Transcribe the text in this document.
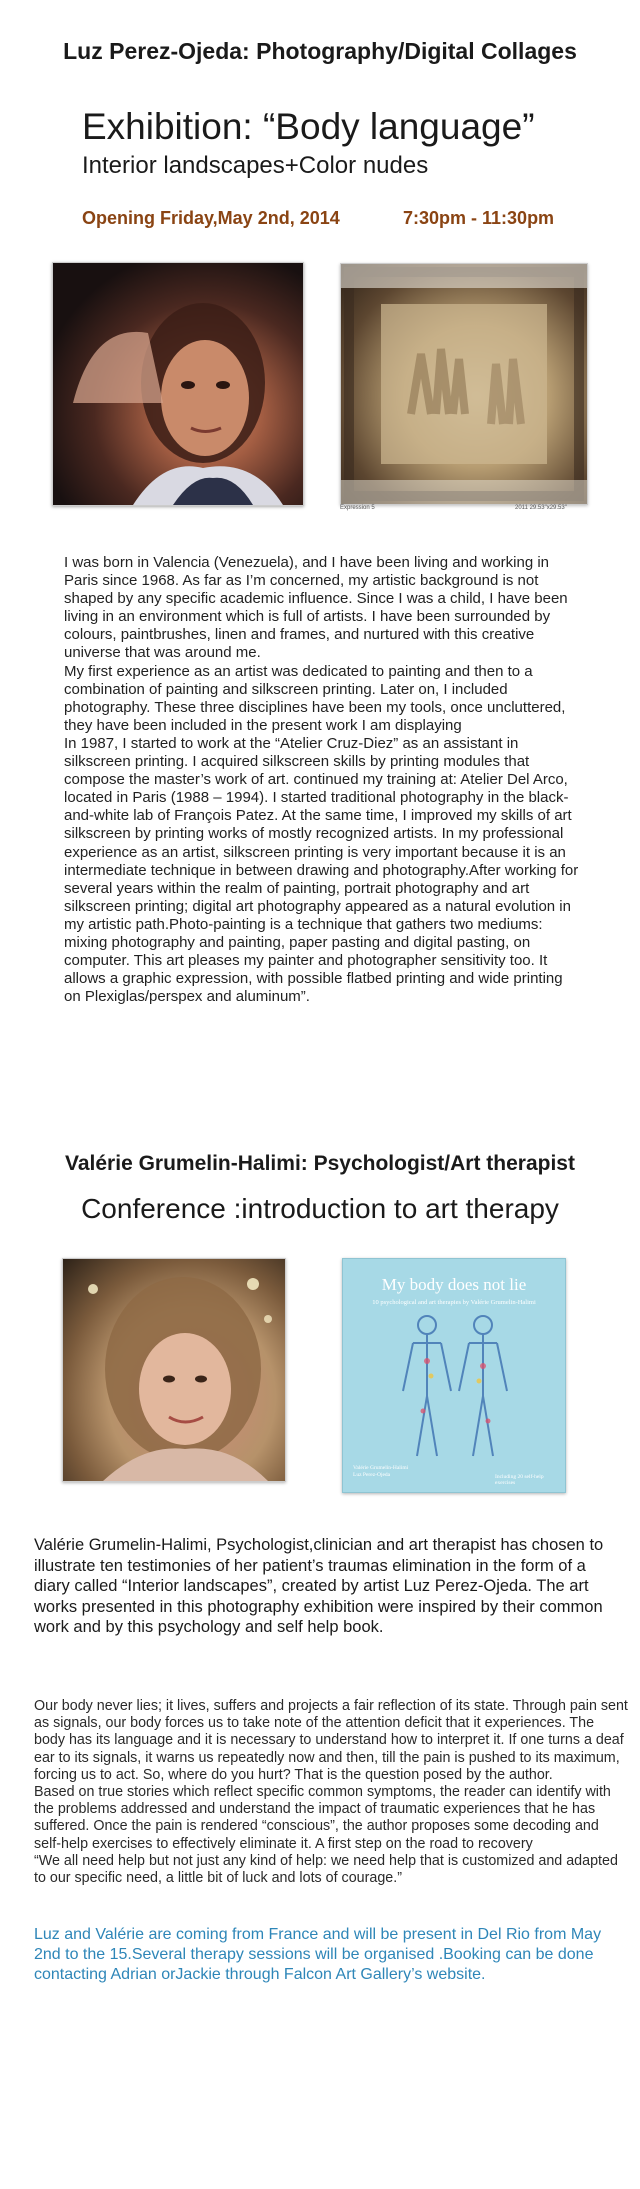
Luz Perez-Ojeda: Photography/Digital Collages
Exhibition: “Body language”
Interior landscapes+Color nudes
Opening Friday,May 2nd, 2014	7:30pm - 11:30pm
Expression 5	2011 29.53"x29.53"

I was born in Valencia (Venezuela), and I have been living and working in Paris since 1968. As far as I’m concerned, my artistic background is not shaped by any specific academic influence. Since I was a child, I have been living in an environment which is full of artists. I have been surrounded by colours, paintbrushes, linen and frames, and nurtured with this creative universe that was around me.

My first experience as an artist was dedicated to painting and then to a combination of painting and silkscreen printing. Later on, I included photography. These three disciplines have been my tools, once uncluttered, they have been included in the present work I am displaying

In 1987, I started to work at the “Atelier Cruz-Diez” as an assistant in silkscreen printing. I acquired silkscreen skills by printing modules that compose the master’s work of art. continued my training at: Atelier Del Arco, located in Paris (1988 – 1994). I started traditional photography in the black-and-white lab of François Patez. At the same time, I improved my skills of art silkscreen by printing works of mostly recognized artists. In my professional experience as an artist, silkscreen printing is very important because it is an intermediate technique in between drawing and photography.After working for several years within the realm of painting, portrait photography and art silkscreen printing; digital art photography appeared as a natural evolution in my artistic path.Photo-painting is a technique that gathers two mediums: mixing photography and painting, paper pasting and digital pasting, on computer. This art pleases my painter and photographer sensitivity too. It allows a graphic expression, with possible flatbed printing and wide printing on Plexiglas/perspex and aluminum”.

Valérie Grumelin-Halimi: Psychologist/Art therapist
Conference :introduction to art therapy
My body does not lie
10 psychological and art therapies by Valérie Grumelin-Halimi
Valérie Grumelin-Halimi
Luz Perez-Ojeda	Including 20 self-help exercises
Valérie Grumelin-Halimi, Psychologist,clinician and art therapist has chosen to illustrate ten testimonies of her patient’s traumas elimination in the form of a diary called “Interior landscapes”, created by artist Luz Perez-Ojeda. The art works presented in this photography exhibition were inspired by their common work and by this psychology and self help book.

Our body never lies; it lives, suffers and projects a fair reflection of its state. Through pain sent as signals, our body forces us to take note of the attention deficit that it experiences. The body has its language and it is necessary to understand how to interpret it. If one turns a deaf ear to its signals, it warns us repeatedly now and then, till the pain is pushed to its maximum, forcing us to act. So, where do you hurt? That is the question posed by the author.

Based on true stories which reflect specific common symptoms, the reader can identify with the problems addressed and understand the impact of traumatic experiences that he has suffered. Once the pain is rendered “conscious”, the author proposes some decoding and self-help exercises to effectively eliminate it. A first step on the road to recovery

“We all need help but not just any kind of help: we need help that is customized and adapted to our specific need, a little bit of luck and lots of courage.”

Luz and Valérie are coming from France and will be present in Del Rio from May 2nd to the 15.Several therapy sessions will be organised .Booking can be done contacting Adrian orJackie through Falcon Art Gallery’s website.
